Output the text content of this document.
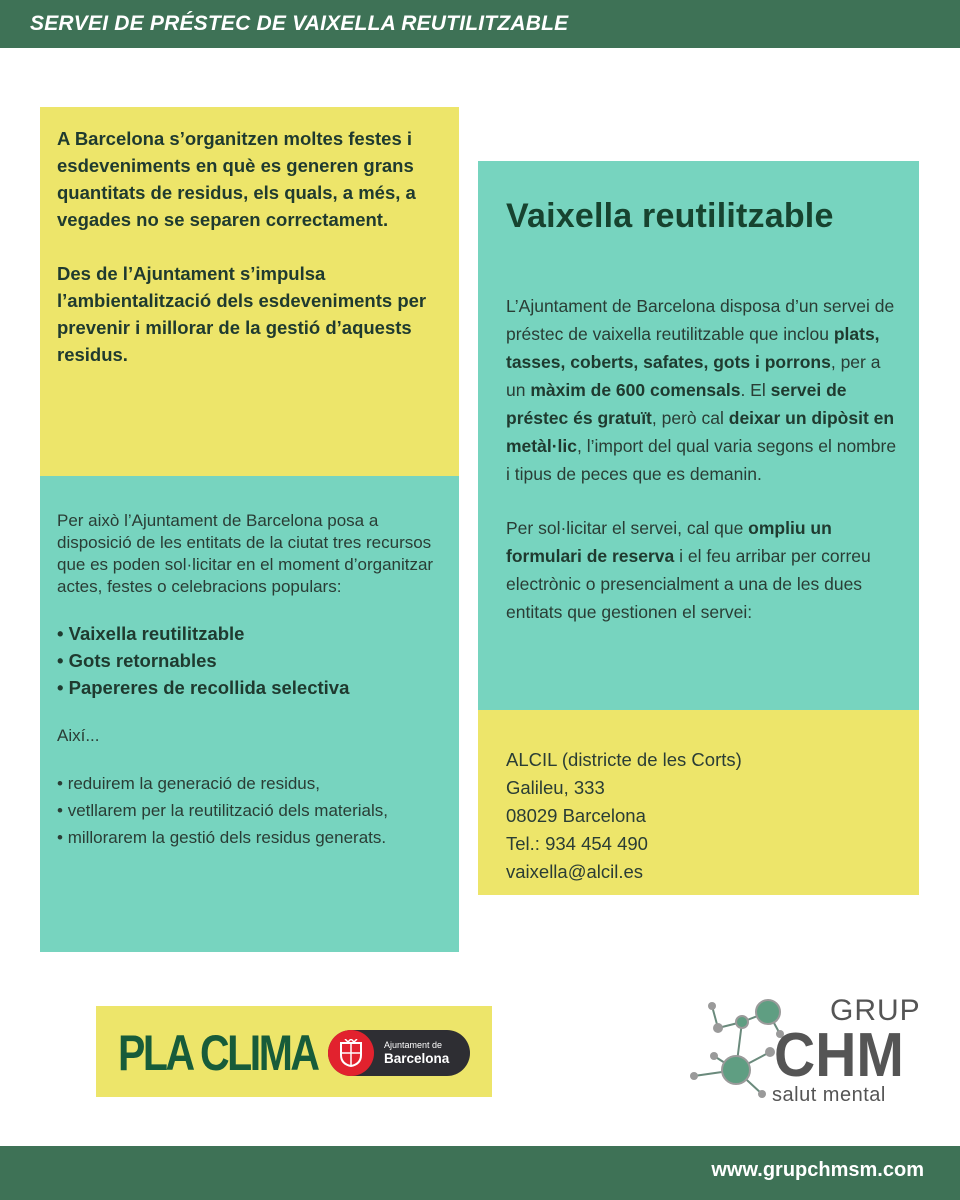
SERVEI DE PRÉSTEC DE VAIXELLA REUTILITZABLE

A Barcelona s’organitzen moltes festes i esdeveniments en què es generen grans quantitats de residus, els quals, a més, a vegades no se separen correctament.

Des de l’Ajuntament s’impulsa l’ambientalització dels esdeveniments per prevenir i millorar de la gestió d’aquests residus.

Per això l’Ajuntament de Barcelona posa a disposició de les entitats de la ciutat tres recursos que es poden sol·licitar en el moment d’organitzar actes, festes o celebracions populars:
• Vaixella reutilitzable
• Gots retornables
• Papereres de recollida selectiva
Així...
• reduirem la generació de residus,
• vetllarem per la reutilització dels materials,
• millorarem la gestió dels residus generats.
Vaixella reutilitzable

L’Ajuntament de Barcelona disposa d’un servei de préstec de vaixella reutilitzable que inclou plats, tasses, coberts, safates, gots i porrons, per a un màxim de 600 comensals. El servei de préstec és gratuït, però cal deixar un dipòsit en metàl·lic, l’import del qual varia segons el nombre i tipus de peces que es demanin.

Per sol·licitar el servei, cal que ompliu un formulari de reserva i el feu arribar per correu electrònic o presencialment a una de les dues entitats que gestionen el servei:

ALCIL (districte de les Corts)
Galileu, 333
08029 Barcelona
Tel.: 934 454 490
vaixella@alcil.es
PLA CLIMA	Ajuntament de
Barcelona
GRUP
CHM
salut mental
www.grupchmsm.com
